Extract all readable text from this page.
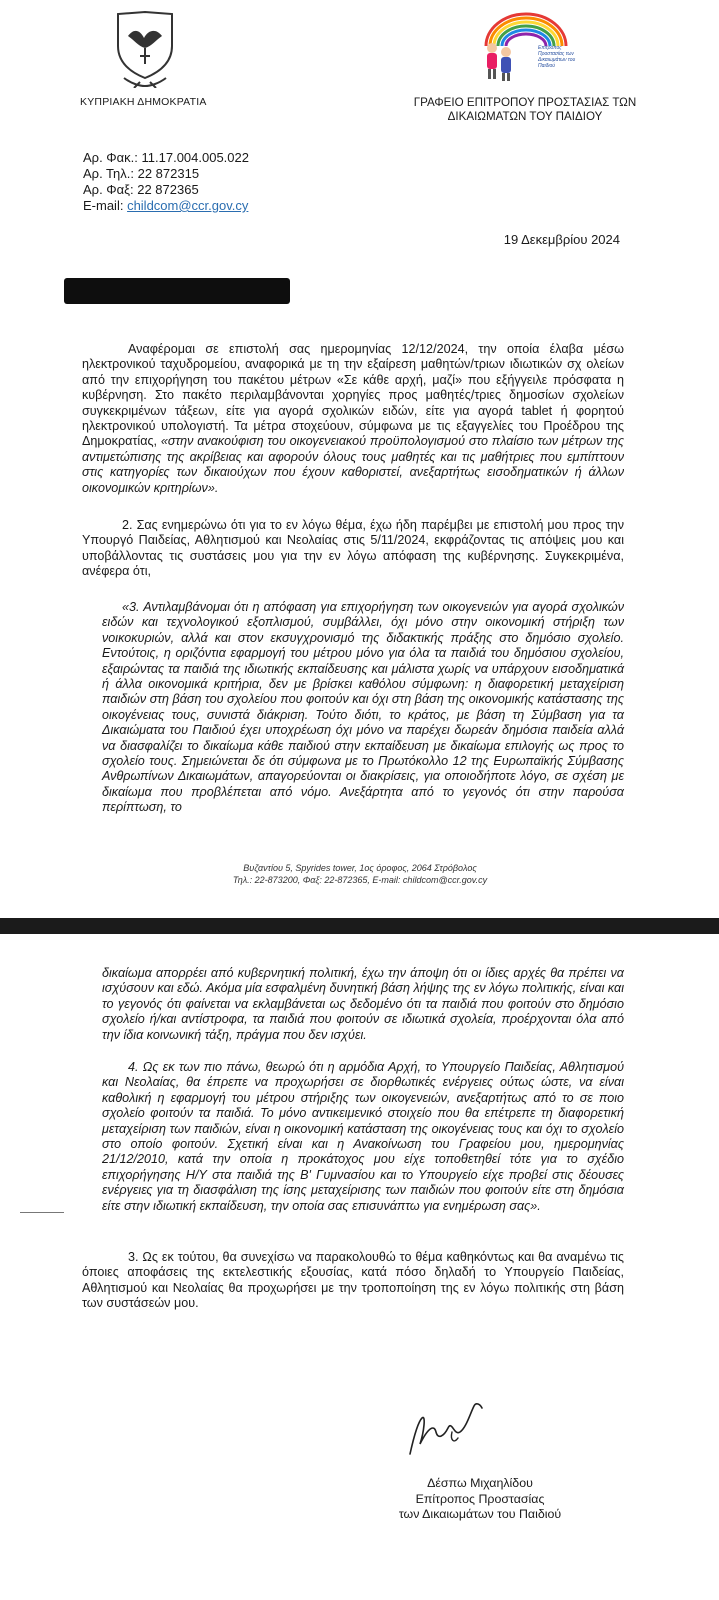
ΚΥΠΡΙΑΚΗ ΔΗΜΟΚΡΑΤΙΑ
Επίτροπος Προστασίας των Δικαιωμάτων του Παιδιού
ΓΡΑΦΕΙΟ ΕΠΙΤΡΟΠΟΥ ΠΡΟΣΤΑΣΙΑΣ ΤΩΝ
ΔΙΚΑΙΩΜΑΤΩΝ ΤΟΥ ΠΑΙΔΙΟΥ
Αρ. Φακ.: 11.17.004.005.022
Αρ. Τηλ.: 22 872315
Αρ. Φαξ: 22 872365
E-mail: childcom@ccr.gov.cy
19 Δεκεμβρίου 2024
Αναφέρομαι σε επιστολή σας ημερομηνίας 12/12/2024, την οποία έλαβα μέσω ηλεκτρονικού ταχυδρομείου, αναφορικά με τη την εξαίρεση μαθητών/τριων ιδιωτικών σχ ολείων από την επιχορήγηση του πακέτου μέτρων «Σε κάθε αρχή, μαζί» που εξήγγειλε πρόσφατα η κυβέρνηση. Στο πακέτο περιλαμβάνονται χορηγίες προς μαθητές/τριες δημοσίων σχολείων συγκεκριμένων τάξεων, είτε για αγορά σχολικών ειδών, είτε για αγορά tablet ή φορητού ηλεκτρονικού υπολογιστή. Τα μέτρα στοχεύουν, σύμφωνα με τις εξαγγελίες του Προέδρου της Δημοκρατίας, «στην ανακούφιση του οικογενειακού προϋπολογισμού στο πλαίσιο των μέτρων της αντιμετώπισης της ακρίβειας και αφορούν όλους τους μαθητές και τις μαθήτριες που εμπίπτουν στις κατηγορίες των δικαιούχων που έχουν καθοριστεί, ανεξαρτήτως εισοδηματικών ή άλλων οικονομικών κριτηρίων».
2. Σας ενημερώνω ότι για το εν λόγω θέμα, έχω ήδη παρέμβει με επιστολή μου προς την Υπουργό Παιδείας, Αθλητισμού και Νεολαίας στις 5/11/2024, εκφράζοντας τις απόψεις μου και υποβάλλοντας τις συστάσεις μου για την εν λόγω απόφαση της κυβέρνησης. Συγκεκριμένα, ανέφερα ότι,
«3. Αντιλαμβάνομαι ότι η απόφαση για επιχορήγηση των οικογενειών για αγορά σχολικών ειδών και τεχνολογικού εξοπλισμού, συμβάλλει, όχι μόνο στην οικονομική στήριξη των νοικοκυριών, αλλά και στον εκσυγχρονισμό της διδακτικής πράξης στο δημόσιο σχολείο. Εντούτοις, η οριζόντια εφαρμογή του μέτρου μόνο για όλα τα παιδιά του δημόσιου σχολείου, εξαιρώντας τα παιδιά της ιδιωτικής εκπαίδευσης και μάλιστα χωρίς να υπάρχουν εισοδηματικά ή άλλα οικονομικά κριτήρια, δεν με βρίσκει καθόλου σύμφωνη: η διαφορετική μεταχείριση παιδιών στη βάση του σχολείου που φοιτούν και όχι στη βάση της οικονομικής κατάστασης της οικογένειας τους, συνιστά διάκριση. Τούτο διότι, το κράτος, με βάση τη Σύμβαση για τα Δικαιώματα του Παιδιού έχει υποχρέωση όχι μόνο να παρέχει δωρεάν δημόσια παιδεία αλλά να διασφαλίζει το δικαίωμα κάθε παιδιού στην εκπαίδευση με δικαίωμα επιλογής ως προς το σχολείο τους. Σημειώνεται δε ότι σύμφωνα με το Πρωτόκολλο 12 της Ευρωπαϊκής Σύμβασης Ανθρωπίνων Δικαιωμάτων, απαγορεύονται οι διακρίσεις, για οποιοδήποτε λόγο, σε σχέση με δικαίωμα που προβλέπεται από νόμο. Ανεξάρτητα από το γεγονός ότι στην παρούσα περίπτωση, το
Βυζαντίου 5, Spyrides tower, 1ος όροφος, 2064 Στρόβολος
Τηλ.: 22-873200, Φαξ: 22-872365, E-mail: childcom@ccr.gov.cy
δικαίωμα απορρέει από κυβερνητική πολιτική, έχω την άποψη ότι οι ίδιες αρχές θα πρέπει να ισχύσουν και εδώ. Ακόμα μία εσφαλμένη δυνητική βάση λήψης της εν λόγω πολιτικής, είναι και το γεγονός ότι φαίνεται να εκλαμβάνεται ως δεδομένο ότι τα παιδιά που φοιτούν στο δημόσιο σχολείο ή/και αντίστροφα, τα παιδιά που φοιτούν σε ιδιωτικά σχολεία, προέρχονται όλα από την ίδια κοινωνική τάξη, πράγμα που δεν ισχύει.
4. Ως εκ των πιο πάνω, θεωρώ ότι η αρμόδια Αρχή, το Υπουργείο Παιδείας, Αθλητισμού και Νεολαίας, θα έπρεπε να προχωρήσει σε διορθωτικές ενέργειες ούτως ώστε, να είναι καθολική η εφαρμογή του μέτρου στήριξης των οικογενειών, ανεξαρτήτως από το σε ποιο σχολείο φοιτούν τα παιδιά. Το μόνο αντικειμενικό στοιχείο που θα επέτρεπε τη διαφορετική μεταχείριση των παιδιών, είναι η οικονομική κατάσταση της οικογένειας τους και όχι το σχολείο στο οποίο φοιτούν. Σχετική είναι και η Ανακοίνωση του Γραφείου μου, ημερομηνίας 21/12/2010, κατά την οποία η προκάτοχος μου είχε τοποθετηθεί τότε για το σχέδιο επιχορήγησης Η/Υ στα παιδιά της Β' Γυμνασίου και το Υπουργείο είχε προβεί στις δέουσες ενέργειες για τη διασφάλιση της ίσης μεταχείρισης των παιδιών που φοιτούν είτε στη δημόσια είτε στην ιδιωτική εκπαίδευση, την οποία σας επισυνάπτω για ενημέρωση σας».
3. Ως εκ τούτου, θα συνεχίσω να παρακολουθώ το θέμα καθηκόντως και θα αναμένω τις όποιες αποφάσεις της εκτελεστικής εξουσίας, κατά πόσο δηλαδή το Υπουργείο Παιδείας, Αθλητισμού και Νεολαίας θα προχωρήσει με την τροποποίηση της εν λόγω πολιτικής στη βάση των συστάσεών μου.
Δέσπω Μιχαηλίδου
Επίτροπος Προστασίας
των Δικαιωμάτων του Παιδιού
